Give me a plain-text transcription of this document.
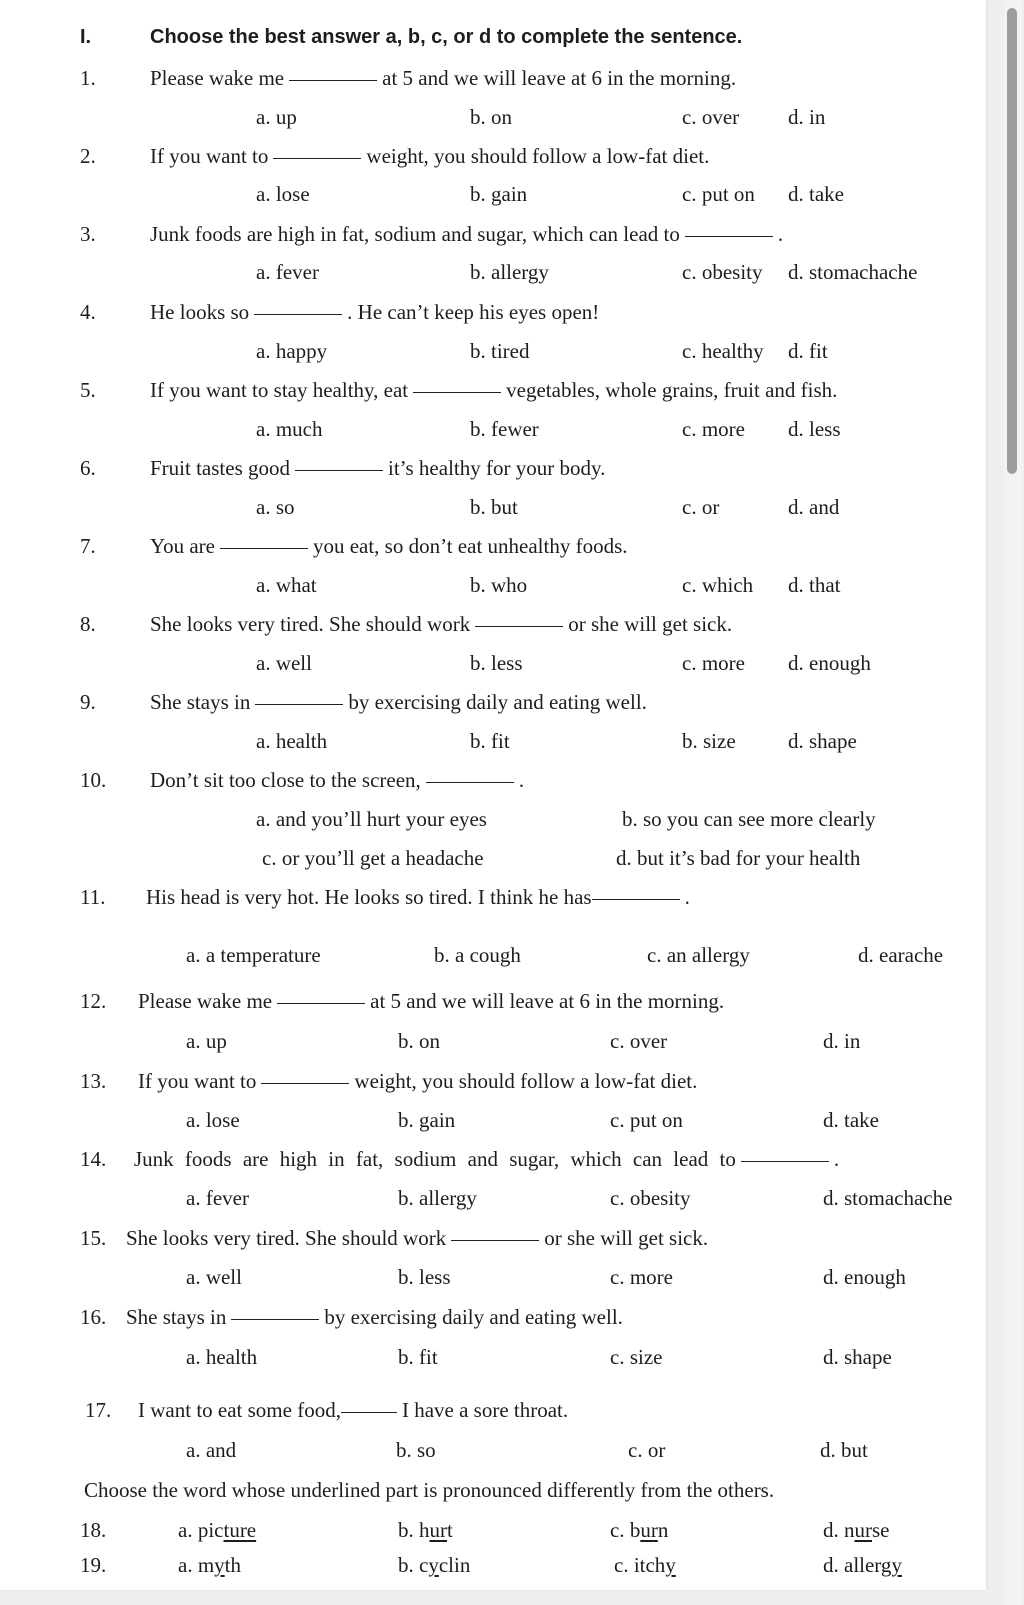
I.	Choose the best answer a, b, c, or d to complete the sentence.
1.	Please wake me	at 5 and we will leave at 6 in the morning.
a. up	b. on	c. over d. in
2.	If you want to	weight, you should follow a low-fat diet.
a. lose	b. gain	c. put on d. take
3.	Junk foods are high in fat, sodium and sugar, which can lead to	.
a. fever	b. allergy	c. obesity d. stomachache
4.	He looks so	. He can’t keep his eyes open!
a. happy	b. tired	c. healthy d. fit
5.	If you want to stay healthy, eat	vegetables, whole grains, fruit and fish.
a. much	b. fewer	c. more d. less
6.	Fruit tastes good	it’s healthy for your body.
a. so	b. but	c. or	d. and
7.	You are	you eat, so don’t eat unhealthy foods.
a. what	b. who	c. which d. that
8.	She looks very tired. She should work	or she will get sick.
a. well	b. less	c. more d. enough
9.	She stays in	by exercising daily and eating well.
a. health	b. fit	b. size d. shape
10. Don’t sit too close to the screen,	.
a. and you’ll hurt your eyes	b. so you can see more clearly
c. or you’ll get a headache	d. but it’s bad for your health
11. His head is very hot. He looks so tired. I think he has	.
a. a temperature	b. a cough	c. an allergy	d. earache
12. Please wake me	at 5 and we will leave at 6 in the morning.
a. up	b. on	c. over	d. in
13. If you want to	weight, you should follow a low-fat diet.
a. lose	b. gain	c. put on	d. take
14. Junk foods are high in fat, sodium and sugar, which can lead to	.
a. fever	b. allergy	c. obesity	d. stomachache
15. She looks very tired. She should work	or she will get sick.
a. well	b. less	c. more	d. enough
16. She stays in	by exercising daily and eating well.
a. health	b. fit	c. size	d. shape
17. I want to eat some food,	I have a sore throat.
a. and	b. so	c. or	d. but
Choose the word whose underlined part is pronounced differently from the others.
18.	a. picture	b. hurt	c. burn	d. nurse
19.	a. myth	b. cyclin	c. itchy	d. allergy
